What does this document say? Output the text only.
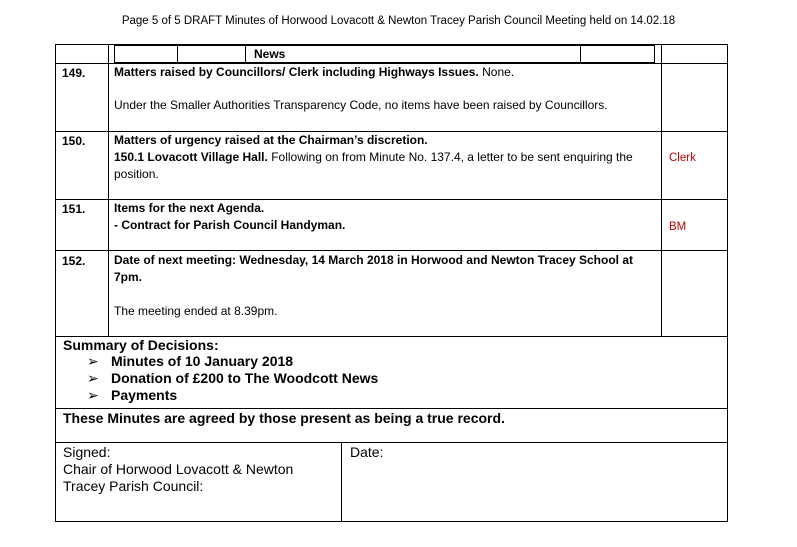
Page 5 of 5 DRAFT Minutes of Horwood Lovacott & Newton Tracey Parish Council Meeting held on 14.02.18
News
149. Matters raised by Councillors/ Clerk including Highways Issues. None.
Under the Smaller Authorities Transparency Code, no items have been raised by Councillors.
150. Matters of urgency raised at the Chairman’s discretion.
150.1 Lovacott Village Hall. Following on from Minute No. 137.4, a letter to be sent enquiring the position.
Clerk
151. Items for the next Agenda.
- Contract for Parish Council Handyman.	BM
152. Date of next meeting: Wednesday, 14 March 2018 in Horwood and Newton Tracey School at 7pm.
The meeting ended at 8.39pm.
Summary of Decisions:
➢ Minutes of 10 January 2018
➢ Donation of £200 to The Woodcott News
➢ Payments
These Minutes are agreed by those present as being a true record.
Signed:
Chair of Horwood Lovacott & Newton
Tracey Parish Council:
Date:
